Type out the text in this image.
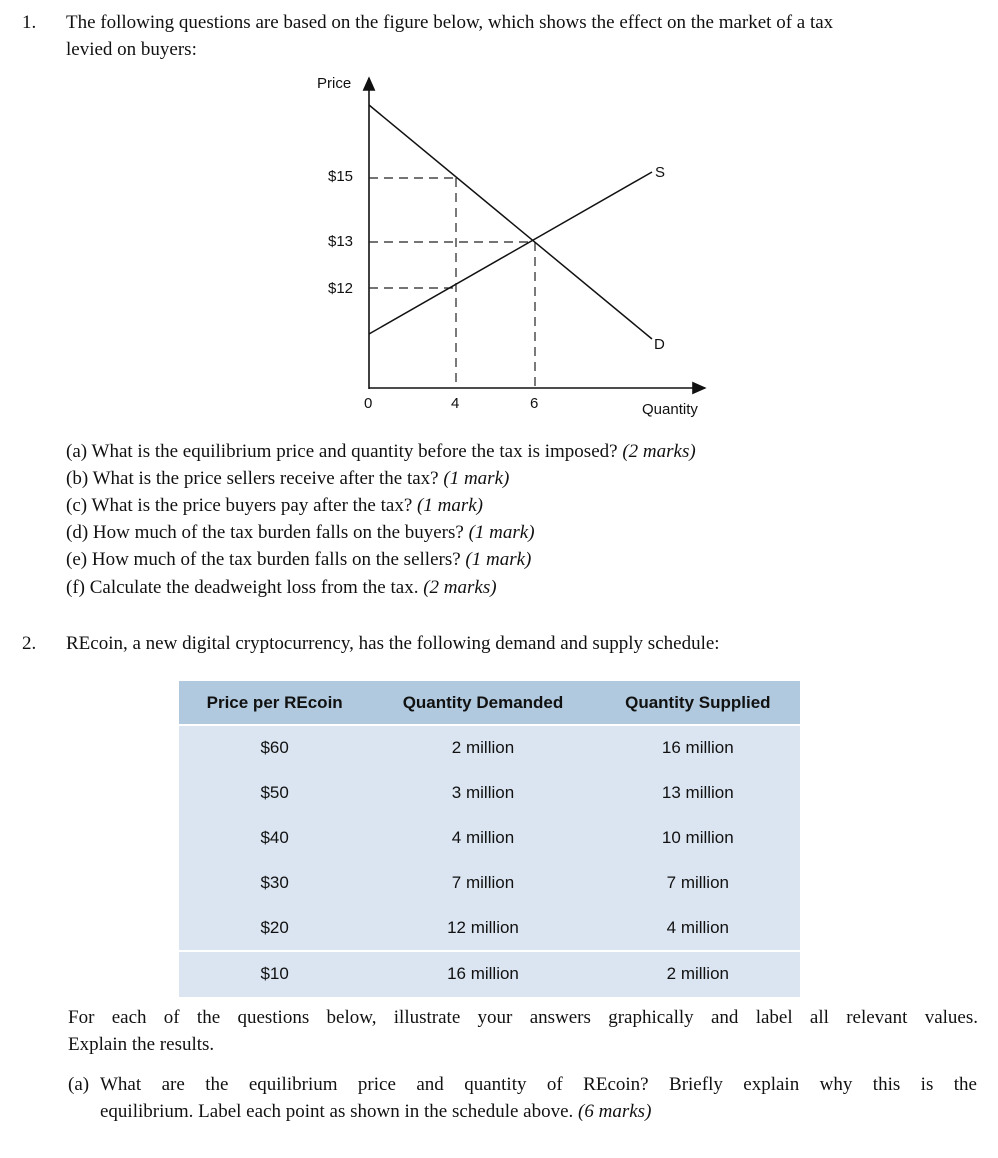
1. The following questions are based on the figure below, which shows the effect on the market of a tax
levied on buyers:
Price
Quantity
$15
$13
$12
0	4	6
S
D
(a) What is the equilibrium price and quantity before the tax is imposed? (2 marks)
(b) What is the price sellers receive after the tax? (1 mark)
(c) What is the price buyers pay after the tax? (1 mark)
(d) How much of the tax burden falls on the buyers? (1 mark)
(e) How much of the tax burden falls on the sellers? (1 mark)
(f) Calculate the deadweight loss from the tax. (2 marks)
2. REcoin, a new digital cryptocurrency, has the following demand and supply schedule:
Price per REcoin	Quantity Demanded	Quantity Supplied
$60	2 million	16 million
$50	3 million	13 million
$40	4 million	10 million
$30	7 million	7 million
$20	12 million	4 million
$10	16 million	2 million
For each of the questions below, illustrate your answers graphically and label all relevant values.
Explain the results.
(a) What are the equilibrium price and quantity of REcoin? Briefly explain why this is the
equilibrium. Label each point as shown in the schedule above. (6 marks)
